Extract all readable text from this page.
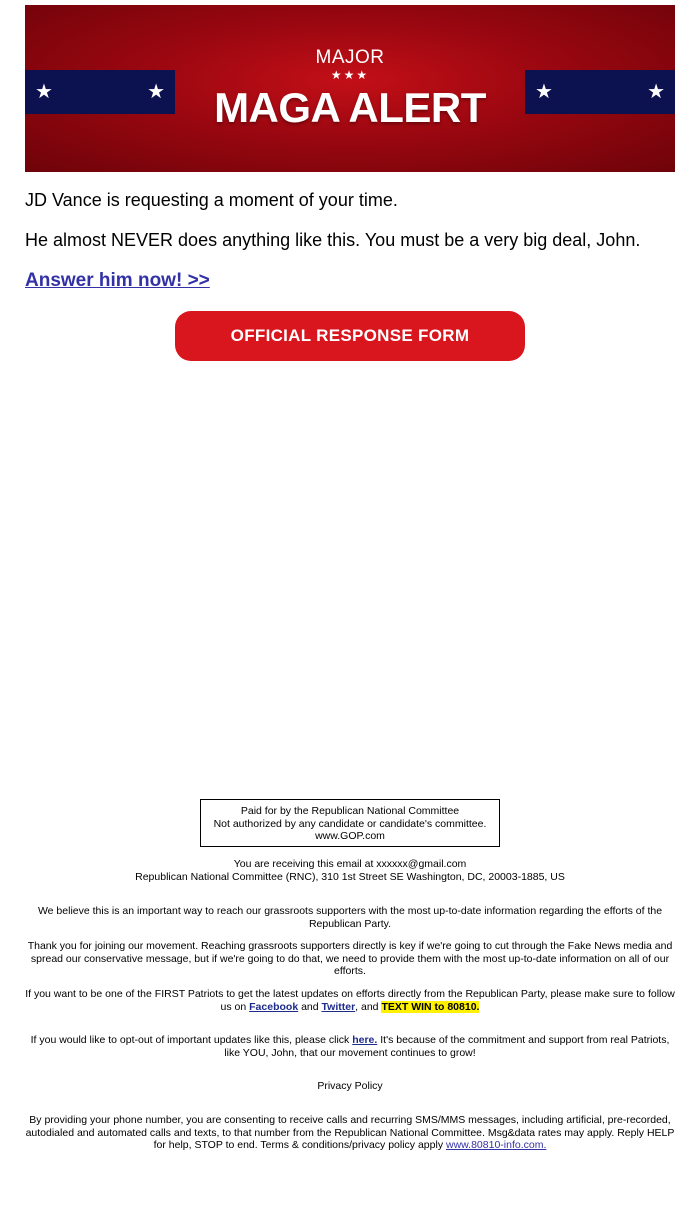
★	★	★	★
MAJOR
★★★
MAGA ALERT

JD Vance is requesting a moment of your time.

He almost NEVER does anything like this. You must be a very big deal, John.

Answer him now! >>
OFFICIAL RESPONSE FORM
Paid for by the Republican National Committee
Not authorized by any candidate or candidate's committee.
www.GOP.com

You are receiving this email at xxxxxx@gmail.com
Republican National Committee (RNC), 310 1st Street SE Washington, DC, 20003-1885, US

We believe this is an important way to reach our grassroots supporters with the most up-to-date information regarding the efforts of the Republican Party.

Thank you for joining our movement. Reaching grassroots supporters directly is key if we're going to cut through the Fake News media and spread our conservative message, but if we're going to do that, we need to provide them with the most up-to-date information on all of our efforts.

If you want to be one of the FIRST Patriots to get the latest updates on efforts directly from the Republican Party, please make sure to follow us on Facebook and Twitter, and TEXT WIN to 80810.

If you would like to opt-out of important updates like this, please click here. It's because of the commitment and support from real Patriots, like YOU, John, that our movement continues to grow!

Privacy Policy

By providing your phone number, you are consenting to receive calls and recurring SMS/MMS messages, including artificial, pre-recorded, autodialed and automated calls and texts, to that number from the Republican National Committee. Msg&data rates may apply. Reply HELP for help, STOP to end. Terms & conditions/privacy policy apply www.80810-info.com.
